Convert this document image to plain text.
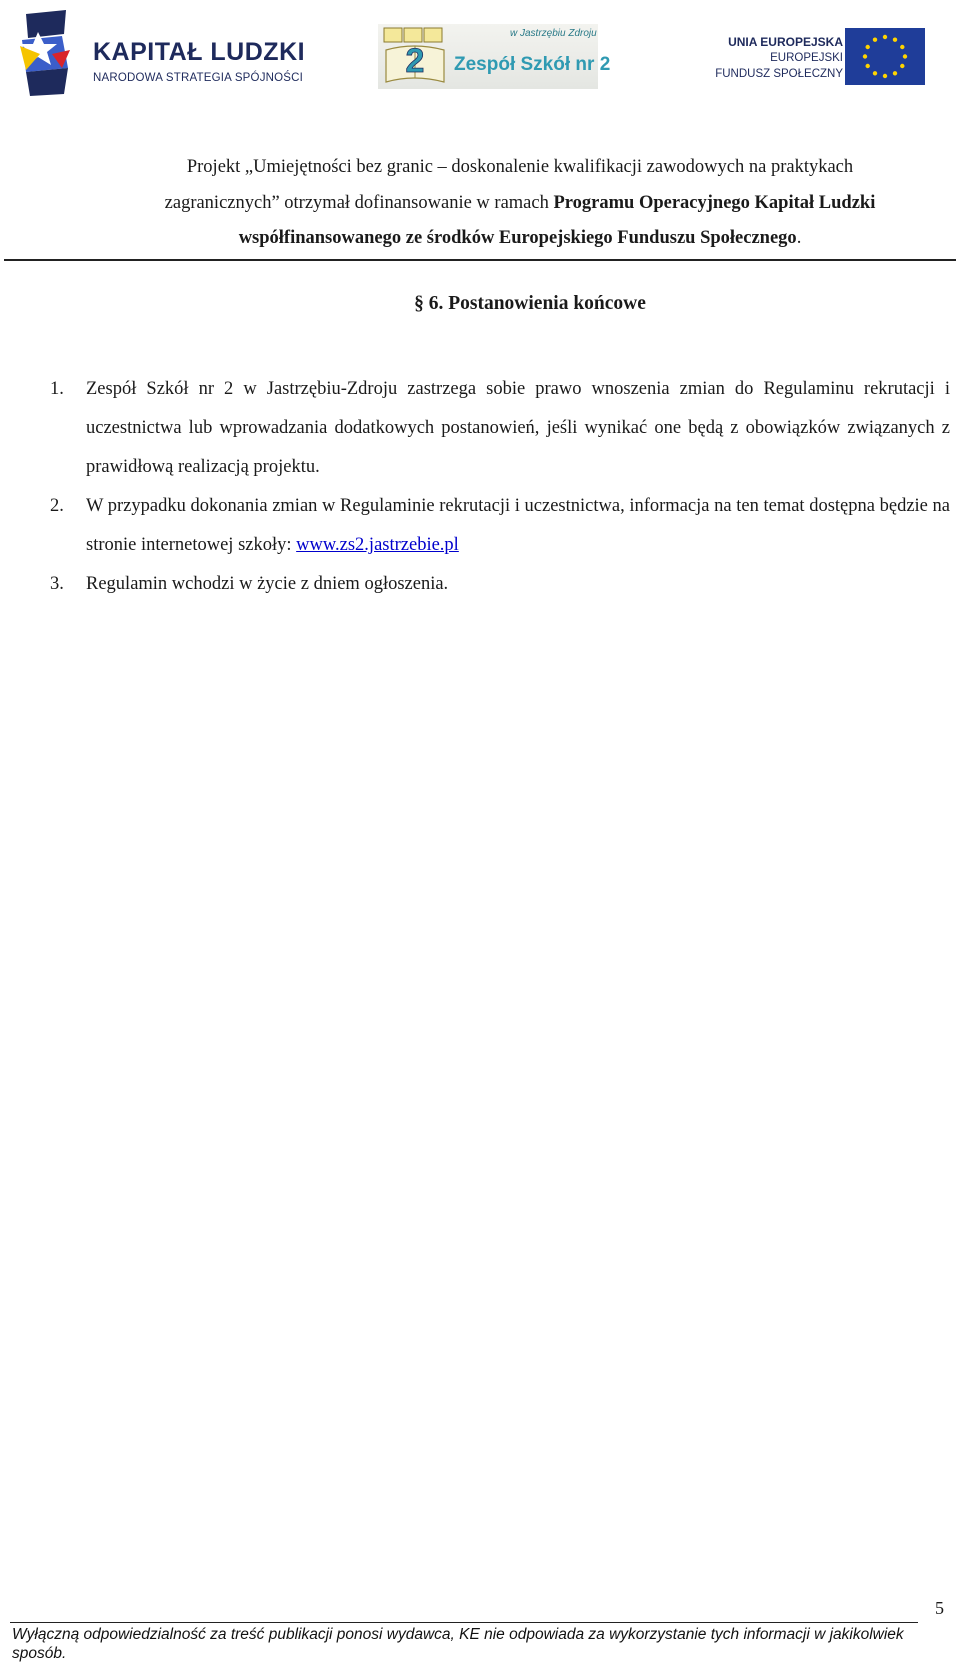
KAPITAŁ LUDZKI
NARODOWA STRATEGIA SPÓJNOŚCI	2
w Jastrzębiu Zdroju
Zespół Szkół nr 2
UNIA EUROPEJSKA
EUROPEJSKI
FUNDUSZ SPOŁECZNY

Projekt „Umiejętności bez granic – doskonalenie kwalifikacji zawodowych na praktykach

zagranicznych” otrzymał dofinansowanie w ramach Programu Operacyjnego Kapitał Ludzki

współfinansowanego ze środków Europejskiego Funduszu Społecznego.

§ 6. Postanowienia końcowe
1. Zespół Szkół nr 2 w Jastrzębiu-Zdroju zastrzega sobie prawo wnoszenia zmian do Regulaminu rekrutacji i uczestnictwa lub wprowadzania dodatkowych postanowień, jeśli wynikać one będą z obowiązków związanych z prawidłową realizacją projektu.
2. W przypadku dokonania zmian w Regulaminie rekrutacji i uczestnictwa, informacja na ten temat dostępna będzie na stronie internetowej szkoły: www.zs2.jastrzebie.pl
3. Regulamin wchodzi w życie z dniem ogłoszenia.
5
Wyłączną odpowiedzialność za treść publikacji ponosi wydawca, KE nie odpowiada za wykorzystanie tych informacji w jakikolwiek sposób.
